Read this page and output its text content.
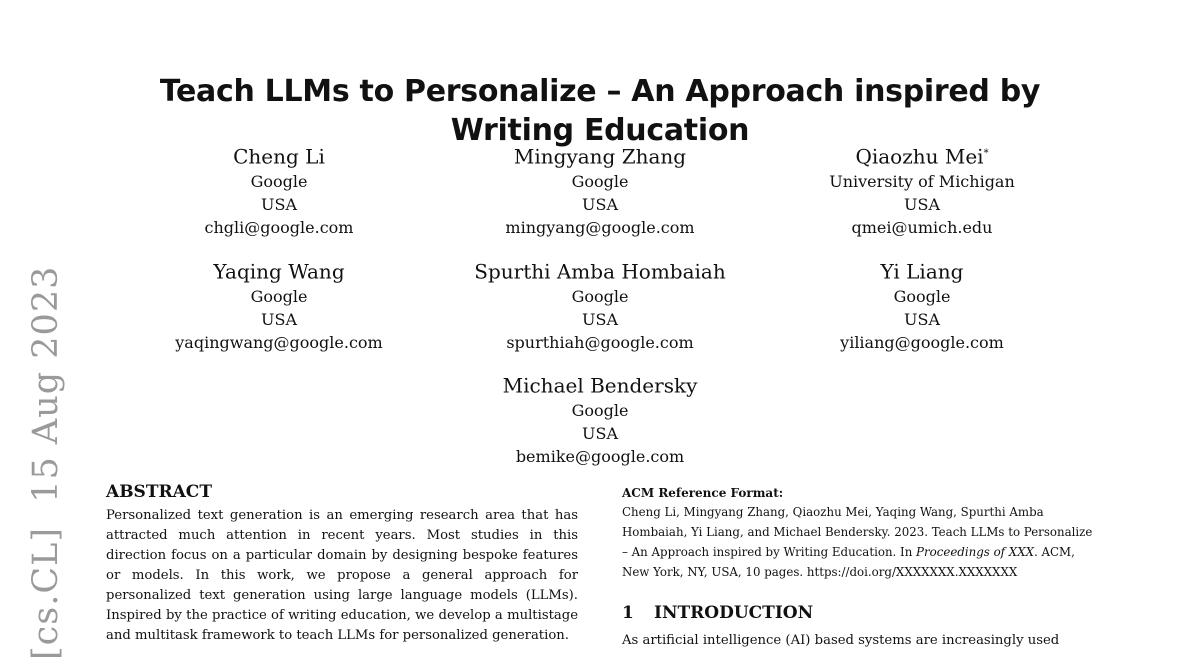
Teach LLMs to Personalize – An Approach inspired by Writing Education
Cheng Li
Google
USA
chgli@google.com
Mingyang Zhang
Google
USA
mingyang@google.com
Qiaozhu Mei*
University of Michigan
USA
qmei@umich.edu
Yaqing Wang
Google
USA
yaqingwang@google.com
Spurthi Amba Hombaiah
Google
USA
spurthiah@google.com
Yi Liang
Google
USA
yiliang@google.com
Michael Bendersky
Google
USA
bemike@google.com
[cs.CL]  15 Aug 2023 ABSTRACT

Personalized text generation is an emerging research area that has attracted much attention in recent years. Most studies in this direction focus on a particular domain by designing bespoke features or models. In this work, we propose a general approach for personalized text generation using large language models (LLMs). Inspired by the practice of writing education, we develop a multistage and multitask framework to teach LLMs for personalized generation.

ACM Reference Format:

Cheng Li, Mingyang Zhang, Qiaozhu Mei, Yaqing Wang, Spurthi Amba Hombaiah, Yi Liang, and Michael Bendersky. 2023. Teach LLMs to Personalize – An Approach inspired by Writing Education. In Proceedings of XXX. ACM, New York, NY, USA, 10 pages. https://doi.org/XXXXXXX.XXXXXXX

1 INTRODUCTION

As artificial intelligence (AI) based systems are increasingly used
